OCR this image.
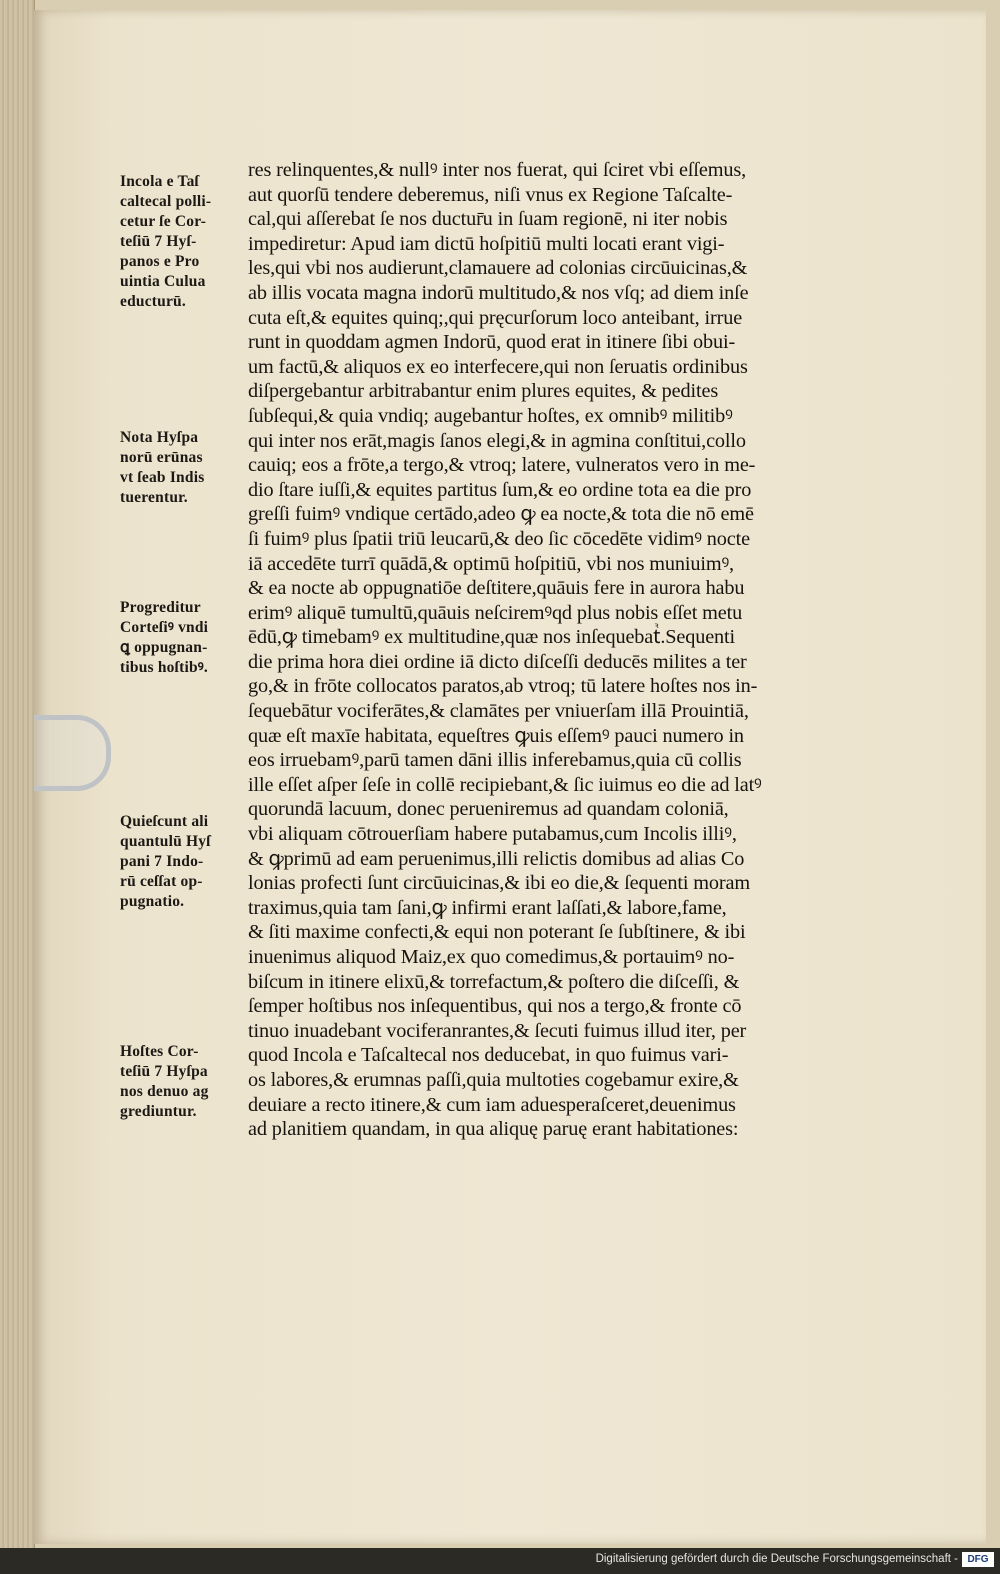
Incola e Taſ
caltecal polli-
cetur ſe Cor-
teſiū 7 Hyſ-
panos e Pro
uintia Culua
educturū.
Nota Hyſpa
norū erūnas
vt ſeab Indis
tuerentur.
Progreditur
Corteſiꝰ vndi
ꝗ oppugnan-
tibus hoſtibꝰ.
Quieſcunt ali
quantulū Hyſ
pani 7 Indo-
rū ceſſat op-
pugnatio.
Hoſtes Cor-
teſiū 7 Hyſpa
nos denuo ag
grediuntur.
res relinquentes,& nullꝰ inter nos fuerat, qui ſciret vbi eſſemus,
aut quorſū tendere deberemus, niſi vnus ex Regione Taſcalte-
cal,qui aſſerebat ſe nos ductur̄u in ſuam regionē, ni iter nobis
impediretur: Apud iam dictū hoſpitiū multi locati erant vigi-
les,qui vbi nos audierunt,clamauere ad colonias circūuicinas,&
ab illis vocata magna indorū multitudo,& nos vſq; ad diem inſe
cuta eſt,& equites quinq;,qui pręcurſorum loco anteibant, irrue
runt in quoddam agmen Indorū, quod erat in itinere ſibi obui-
um factū,& aliquos ex eo interfecere,qui non ſeruatis ordinibus
diſpergebantur arbitrabantur enim plures equites, & pedites
ſubſequi,& quia vndiq; augebantur hoſtes, ex omnibꝰ militibꝰ
qui inter nos erāt,magis ſanos elegi,& in agmina conſtitui,collo
cauiq; eos a frōte,a tergo,& vtroq; latere, vulneratos vero in me-
dio ſtare iuſſi,& equites partitus ſum,& eo ordine tota ea die pro
greſſi fuimꝰ vndique certādo,adeo ꝙ ea nocte,& tota die nō emē
ſi fuimꝰ plus ſpatii triū leucarū,& deo ſic cōcedēte vidimꝰ nocte
iā accedēte turrī quādā,& optimū hoſpitiū, vbi nos muniuimꝰ,
& ea nocte ab oppugnatiōe deſtitere,quāuis fere in aurora habu
erimꝰ aliquē tumultū,quāuis neſciremꝰqd plus nobis eſſet metu
ēdū,ꝙ timebamꝰ ex multitudine,quæ nos inſequebatᷣ.Sequenti
die prima hora diei ordine iā dicto diſceſſi deducēs milites a ter
go,& in frōte collocatos paratos,ab vtroq; tū latere hoſtes nos in-
ſequebātur vociferātes,& clamātes per vniuerſam illā Prouintiā,
quæ eſt maxīe habitata, equeſtres ꝙuis eſſemꝰ pauci numero in
eos irruebamꝰ,parū tamen dāni illis inferebamus,quia cū collis
ille eſſet aſper ſeſe in collē recipiebant,& ſic iuimus eo die ad latꝰ
quorundā lacuum, donec perueniremus ad quandam coloniā,
vbi aliquam cōtrouerſiam habere putabamus,cum Incolis illiꝰ,
& ꝙprimū ad eam peruenimus,illi relictis domibus ad alias Co
lonias profecti ſunt circūuicinas,& ibi eo die,& ſequenti moram
traximus,quia tam ſani,ꝙ infirmi erant laſſati,& labore,fame,
& ſiti maxime confecti,& equi non poterant ſe ſubſtinere, & ibi
inuenimus aliquod Maiz,ex quo comedimus,& portauimꝰ no-
biſcum in itinere elixū,& torrefactum,& poſtero die diſceſſi, &
ſemper hoſtibus nos inſequentibus, qui nos a tergo,& fronte cō
tinuo inuadebant vociferanrantes,& ſecuti fuimus illud iter, per
quod Incola e Taſcaltecal nos deducebat, in quo fuimus vari-
os labores,& erumnas paſſi,quia multoties cogebamur exire,&
deuiare a recto itinere,& cum iam aduesperaſceret,deuenimus
ad planitiem quandam, in qua aliquę paruę erant habitationes:
Digitalisierung gefördert durch die Deutsche Forschungsgemeinschaft - DFG
